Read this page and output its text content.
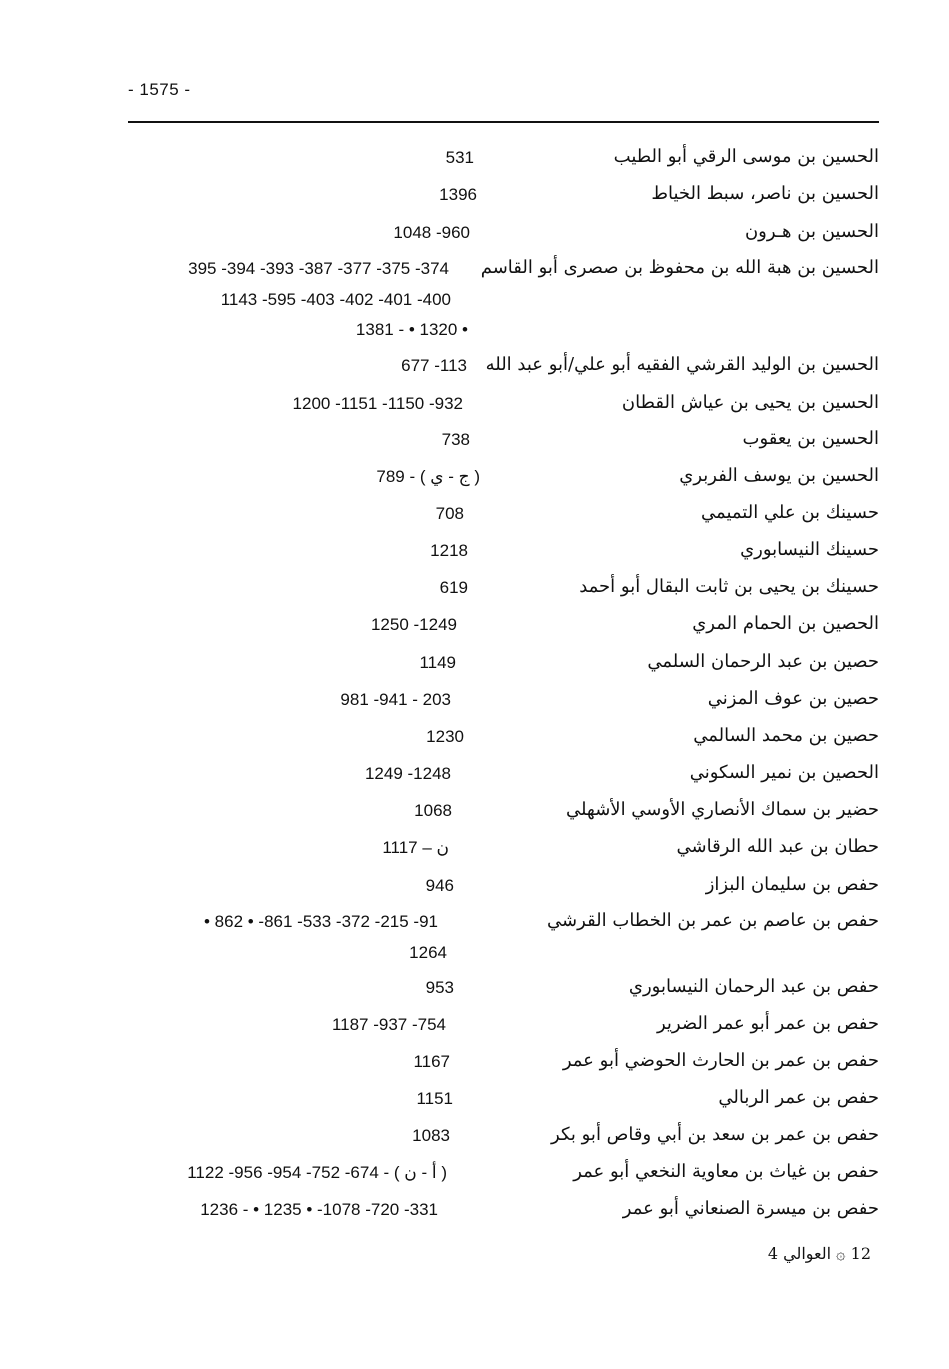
- 1575 -
الحسين بن موسى الرقي أبو الطيب
531
الحسين بن ناصر، سبط الخياط
1396
الحسين بن هـرون
1048 -960
الحسين بن هبة الله بن محفوظ بن صصرى أبو القاسم
395 -394 -393 -387 -377 -375 -374
1143 -595 -403 -402 -401 -400
1381 - • 1320 •
الحسين بن الوليد القرشي الفقيه أبو علي/أبو عبد الله
677 -113
الحسين بن يحيى بن عياش القطان
1200 -1151 -1150 -932
الحسين بن يعقوب
738
الحسين بن يوسف الفربري
789 - ( ج - ي )
حسينك بن علي التميمي
708
حسينك النيسابوري
1218
حسينك بن يحيى بن ثابت البقال أبو أحمد
619
الحصين بن الحمام المري
1250 -1249
حصين بن عبد الرحمان السلمي
1149
حصين بن عوف المزني
981 -941 - 203
حصين بن محمد السالمي
1230
الحصين بن نمير السكوني
1249 -1248
حضير بن سماك الأنصاري الأوسي الأشهلي
1068
حطان بن عبد الله الرقاشي
1117 – ن
حفص بن سليمان البزاز
946
حفص بن عاصم بن عمر بن الخطاب القرشي
• 862 • -861 -533 -372 -215 -91
1264
حفص بن عبد الرحمان النيسابوري
953
حفص بن عمر أبو عمر الضرير
1187 -937 -754
حفص بن عمر بن الحارث الحوضي أبو عمر
1167
حفص بن عمر الربالي
1151
حفص بن عمر بن سعد بن أبي وقاص أبو بكر
1083
حفص بن غياث بن معاوية النخعي أبو عمر
1122 -956 -954 -752 -674 - ( أ - ن )
حفص بن ميسرة الصنعاني أبو عمر
1236 - • 1235 • -1078 -720 -331
12 ۞ العوالي 4
